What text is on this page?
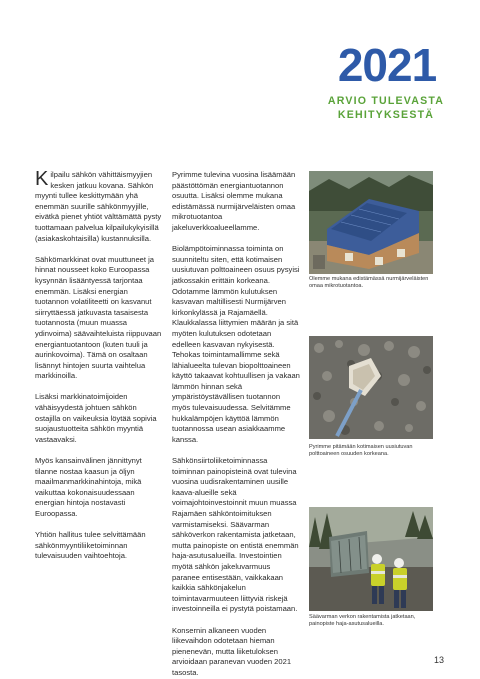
2021
ARVIO TULEVASTA
KEHITYKSESTÄ

Kilpailu sähkön vähittäismyyjien kesken jatkuu kovana. Sähkön myynti tullee keskittymään yhä enemmän suurille sähkönmyyjille, eivätkä pienet yhtiöt välttämättä pysty tuottamaan palvelua kilpailukykyisillä (asiakaskohtaisilla) kustannuksilla.

Sähkömarkkinat ovat muuttuneet ja hinnat nousseet koko Euroopassa kysynnän lisääntyessä tarjontaa enemmän. Lisäksi energian tuotannon volatiliteetti on kasvanut siirryttäessä jatkuvasta tasaisesta tuotannosta (muun muassa ydinvoima) säävaihteluista riippuvaan energiantuotantoon (kuten tuuli ja aurinkovoima). Tämä on osaltaan lisännyt hintojen suurta vaihtelua markkinoilla.

Lisäksi markkinatoimijoiden vähäisyydestä johtuen sähkön ostajilla on vaikeuksia löytää sopivia suojaustuotteita sähkön myyntiä vastaavaksi.

Myös kansainvälinen jännittynyt tilanne nostaa kaasun ja öljyn maailmanmarkkinahintoja, mikä vaikuttaa kokonaisuudessaan energian hintoja nostavasti Euroopassa.

Yhtiön hallitus tulee selvittämään sähkönmyyntiliiketoiminnan tulevaisuuden vaihtoehtoja.

Pyrimme tulevina vuosina lisäämään päästöttömän energiantuotannon osuutta. Lisäksi olemme mukana edistämässä nurmijärveläisten omaa mikrotuotantoa jakeluverkkoalueellamme.

Biolämpötoiminnassa toiminta on suunniteltu siten, että kotimaisen uusiutuvan polttoaineen osuus pysyisi jatkossakin erittäin korkeana. Odotamme lämmön kulutuksen kasvavan maltillisesti Nurmijärven kirkonkylässä ja Rajamäellä. Klaukkalassa liittymien määrän ja sitä myöten kulutuksen odotetaan edelleen kasvavan nykyisestä. Tehokas toimintamallimme sekä lähialueelta tulevan biopolttoaineen käyttö takaavat kohtuullisen ja vakaan lämmön hinnan sekä ympäristöystävällisen tuotannon myös tulevaisuudessa. Selvitämme hukkalämpöjen käyttöä lämmön tuotannossa usean asiakkaamme kanssa.

Sähkönsiirtoliiketoiminnassa toiminnan painopisteinä ovat tulevina vuosina uudisrakentaminen uusille kaava-alueille sekä voimajohtoinvestoinnit muun muassa Rajamäen sähköntoimituksen varmistamiseksi. Säävarman sähköverkon rakentamista jatketaan, mutta painopiste on entistä enemmän haja-asutusalueilla. Investointien myötä sähkön jakeluvarmuus paranee entisestään, vaikkakaan kaikkia sähkönjakelun toimintavarmuuteen liittyviä riskejä investoinneilla ei pystytä poistamaan.

Konsernin alkaneen vuoden liikevaihdon odotetaan hieman pienenevän, mutta liiketuloksen arvioidaan paranevan vuoden 2021 tasosta.

Olemme mukana edistämässä nurmijärveläisten omaa mikrotuotantoa.
Pyrimme pitämään kotimaisen uusiutuvan polttoaineen osuuden korkeana.
Säävarman verkon rakentamista jatketaan, painopiste haja-asutusalueilla.
13
